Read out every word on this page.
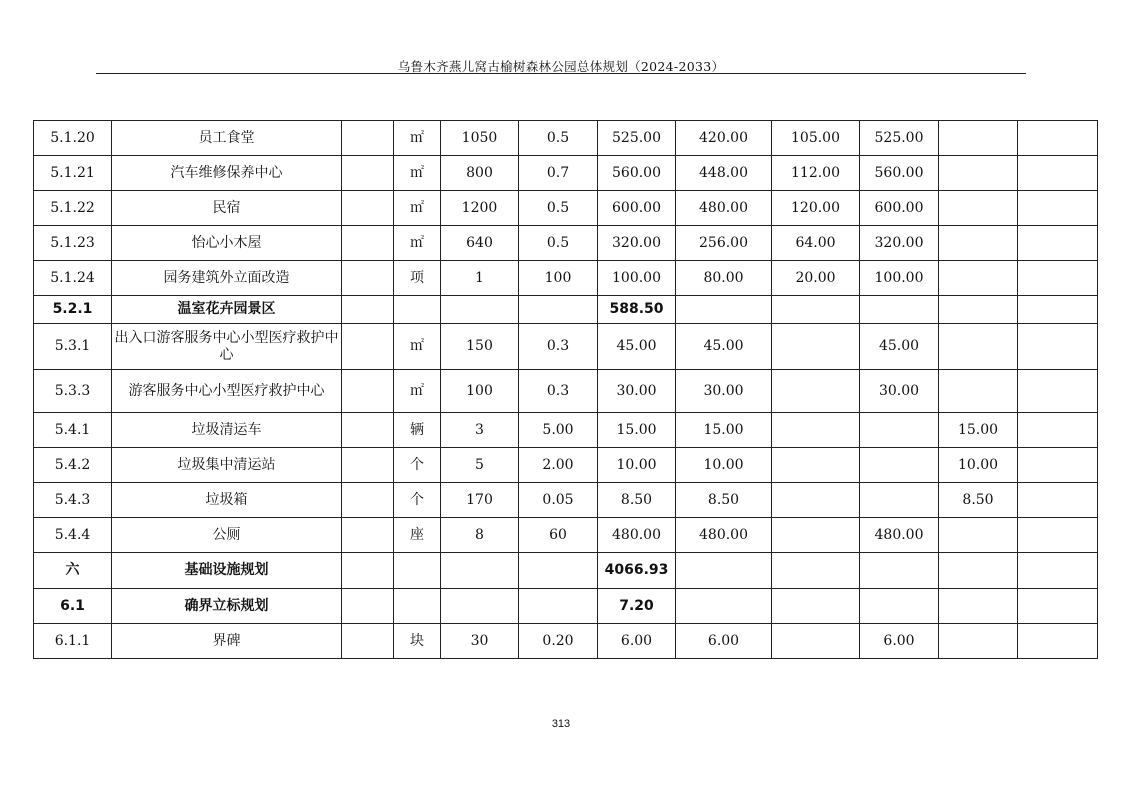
乌鲁木齐燕儿窝古榆树森林公园总体规划（2024-2033）
5.1.20	员工食堂		㎡	1050	0.5	525.00	420.00	105.00	525.00		
5.1.21	汽车维修保养中心		㎡	800	0.7	560.00	448.00	112.00	560.00		
5.1.22	民宿		㎡	1200	0.5	600.00	480.00	120.00	600.00		
5.1.23	怡心小木屋		㎡	640	0.5	320.00	256.00	64.00	320.00		
5.1.24	园务建筑外立面改造		项	1	100	100.00	80.00	20.00	100.00		
5.2.1	温室花卉园景区					588.50					
5.3.1	出入口游客服务中心小型医疗救护中心		㎡	150	0.3	45.00	45.00		45.00		
5.3.3	游客服务中心小型医疗救护中心		㎡	100	0.3	30.00	30.00		30.00		
5.4.1	垃圾清运车		辆	3	5.00	15.00	15.00			15.00	
5.4.2	垃圾集中清运站		个	5	2.00	10.00	10.00			10.00	
5.4.3	垃圾箱		个	170	0.05	8.50	8.50			8.50	
5.4.4	公厕		座	8	60	480.00	480.00		480.00		
六	基础设施规划					4066.93					
6.1	确界立标规划					7.20					
6.1.1	界碑		块	30	0.20	6.00	6.00		6.00		
313
